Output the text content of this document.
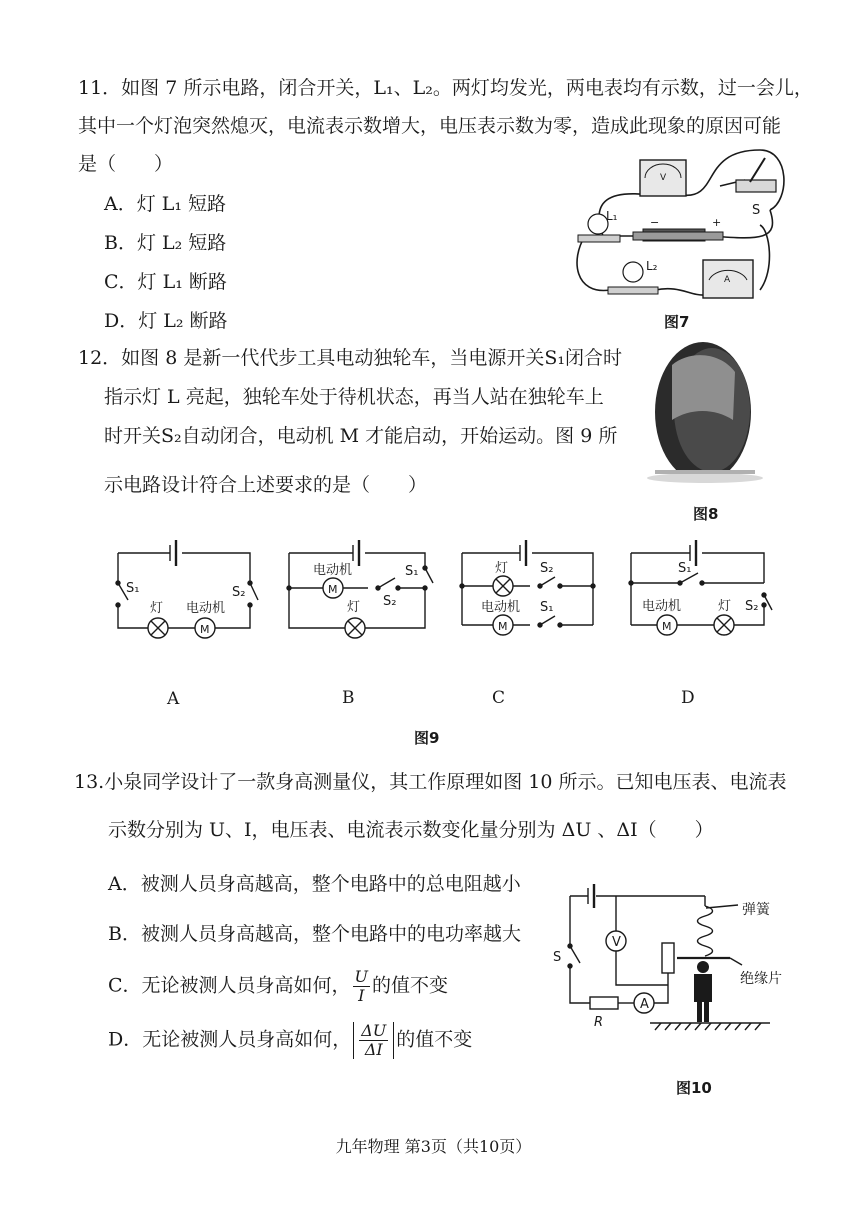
11．如图 7 所示电路，闭合开关，L₁、L₂。两灯均发光，两电表均有示数，过一会儿，
其中一个灯泡突然熄灭，电流表示数增大，电压表示数为零，造成此现象的原因可能
是（　　）
A．灯 L₁ 短路
B．灯 L₂ 短路
C．灯 L₁ 断路
D．灯 L₂ 断路
V
S
−	+
L₁
L₂
A
图7
12．如图 8 是新一代代步工具电动独轮车，当电源开关S₁闭合时
指示灯 L 亮起，独轮车处于待机状态，再当人站在独轮车上
时开关S₂自动闭合，电动机 M 才能启动，开始运动。图 9 所
示电路设计符合上述要求的是（　　）
图8
S₁
灯 电动机
S₂
M
电动机	S₁
S₂
灯
M
灯 S₂
电动机 S₁
M
S₁
电动机	灯 S₂
M
A	B	C	D
图9
13.小泉同学设计了一款身高测量仪，其工作原理如图 10 所示。已知电压表、电流表
示数分别为 U、I，电压表、电流表示数变化量分别为 ΔU 、ΔI（　　）
A．被测人员身高越高，整个电路中的总电阻越小
B．被测人员身高越高，整个电路中的电功率越大
C．无论被测人员身高如何， $\frac{U}{I}$ 的值不变
D．无论被测人员身高如何， $\frac{\Delta U}{\Delta I}$ 的值不变
V
A
弹簧
绝缘片
S
R
图10
九年物理 第3页（共10页）
